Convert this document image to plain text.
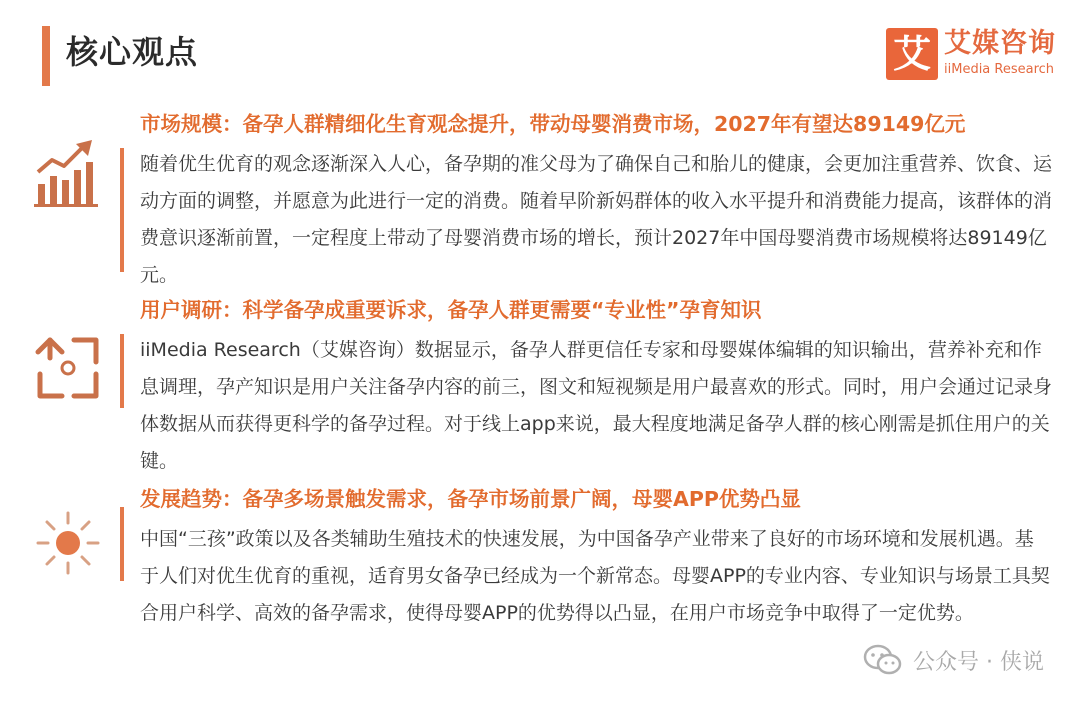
核心观点	艾 艾媒咨询
iiMedia Research
市场规模：备孕人群精细化生育观念提升，带动母婴消费市场，2027年有望达89149亿元
随着优生优育的观念逐渐深入人心，备孕期的准父母为了确保自己和胎儿的健康，会更加注重营养、饮食、运动方面的调整，并愿意为此进行一定的消费。随着早阶新妈群体的收入水平提升和消费能力提高，该群体的消费意识逐渐前置，一定程度上带动了母婴消费市场的增长，预计2027年中国母婴消费市场规模将达89149亿元。
用户调研：科学备孕成重要诉求，备孕人群更需要“专业性”孕育知识
iiMedia Research（艾媒咨询）数据显示，备孕人群更信任专家和母婴媒体编辑的知识输出，营养补充和作息调理，孕产知识是用户关注备孕内容的前三，图文和短视频是用户最喜欢的形式。同时，用户会通过记录身体数据从而获得更科学的备孕过程。对于线上app来说，最大程度地满足备孕人群的核心刚需是抓住用户的关键。
发展趋势：备孕多场景触发需求，备孕市场前景广阔，母婴APP优势凸显
中国“三孩”政策以及各类辅助生殖技术的快速发展，为中国备孕产业带来了良好的市场环境和发展机遇。基于人们对优生优育的重视，适育男女备孕已经成为一个新常态。母婴APP的专业内容、专业知识与场景工具契合用户科学、高效的备孕需求，使得母婴APP的优势得以凸显，在用户市场竞争中取得了一定优势。
公众号 · 侠说
